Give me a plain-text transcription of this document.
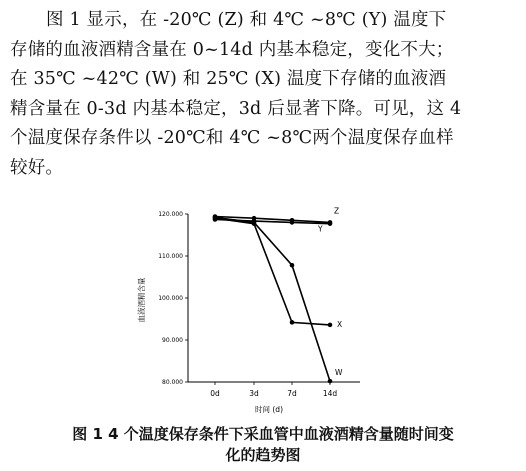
图 1 显示，在 -20℃ (Z) 和 4℃ ~8℃ (Y) 温度下
存储的血液酒精含量在 0~14d 内基本稳定，变化不大；
在 35℃ ~42℃ (W) 和 25℃ (X) 温度下存储的血液酒
精含量在 0-3d 内基本稳定，3d 后显著下降。可见，这 4
个温度保存条件以 -20℃和 4℃ ~8℃两个温度保存血样
较好。
80.000
90.000
100.000
110.000
120.000
0d	3d	7d	14d
Z
Y
X
W
血液酒精含量
时间 (d)
图 1 4 个温度保存条件下采血管中血液酒精含量随时间变
化的趋势图
